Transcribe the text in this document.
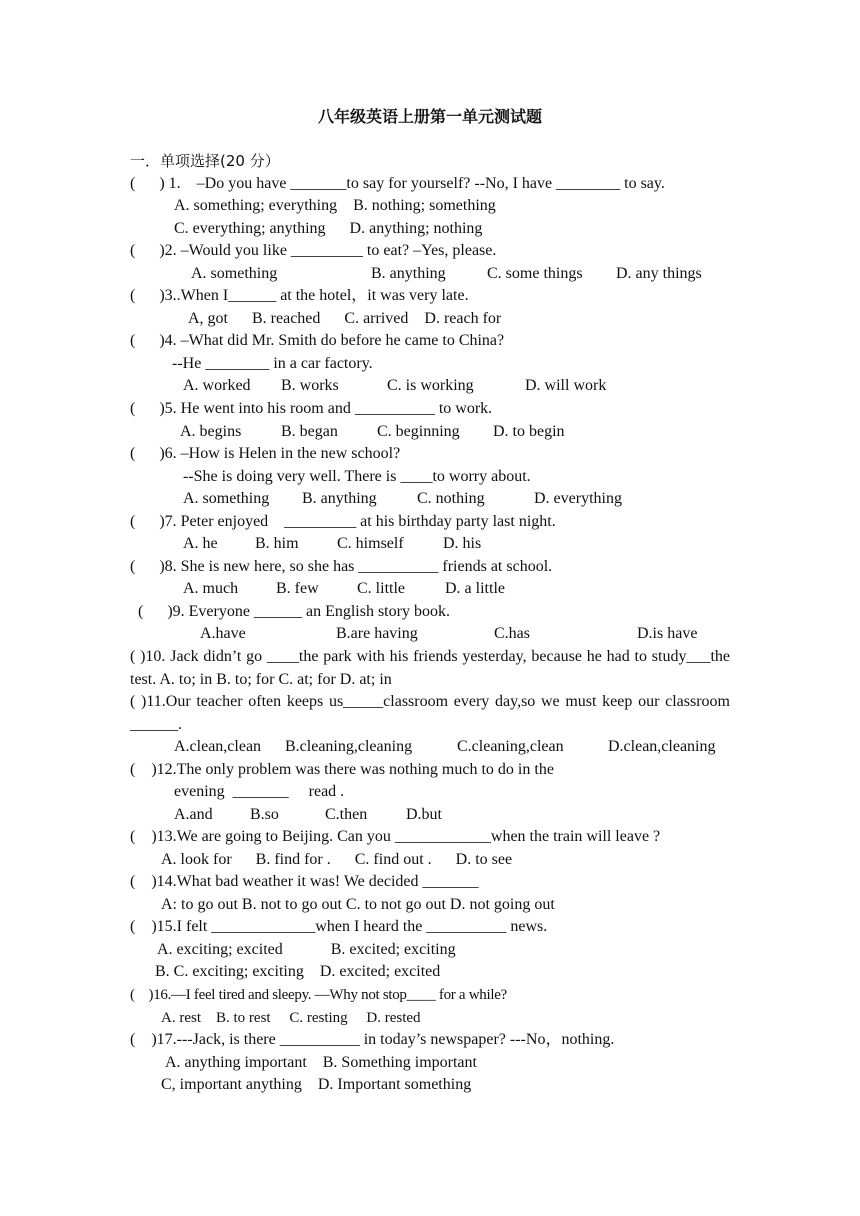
八年级英语上册第一单元测试题
一．单项选择(20 分）
(      ) 1.    –Do you have _______to say for yourself? --No, I have ________ to say.
A. something; everything    B. nothing; something
C. everything; anything      D. anything; nothing
(      )2. –Would you like _________ to eat? –Yes, please.
A. something	B. anything	C. some things D. any things
(      )3..When I______ at the hotel，it was very late.
A, got      B. reached      C. arrived    D. reach for
(      )4. –What did Mr. Smith do before he came to China?
--He ________ in a car factory.
A. worked B. works	C. is working	D. will work
(      )5. He went into his room and __________ to work.
A. begins B. began C. beginning D. to begin
(      )6. –How is Helen in the new school?
--She is doing very well. There is ____to worry about.
A. something B. anything	C. nothing	D. everything
(      )7. Peter enjoyed    _________ at his birthday party last night.
A. he B. him C. himself D. his
(      )8. She is new here, so she has __________ friends at school.
A. much B. few C. little	D. a little
(      )9. Everyone ______ an English story book.
A.have	B.are having	C.has	D.is have
( )10. Jack didn’t go ____the park with his friends yesterday, because he had to study___the test. A. to; in B. to; for C. at; for D. at; in
( )11.Our teacher often keeps us_____classroom every day,so we must keep our classroom ______.
A.clean,clean B.cleaning,cleaning	C.cleaning,clean	D.clean,cleaning
(    )12.The only problem was there was nothing much to do in the
evening  _______     read .
A.and B.so	C.then D.but
(    )13.We are going to Beijing. Can you ____________when the train will leave ?
A. look for      B. find for .      C. find out .      D. to see
(    )14.What bad weather it was! We decided _______
A: to go out B. not to go out C. to not go out D. not going out
(    )15.I felt _____________when I heard the __________ news.
A. exciting; excited            B. excited; exciting
B. C. exciting; exciting    D. excited; excited
(    )16.—I feel tired and sleepy. —Why not stop____ for a while?
A. rest    B. to rest     C. resting     D. rested
(    )17.---Jack, is there __________ in today’s newspaper? ---No，nothing.
A. anything important    B. Something important
C, important anything    D. Important something
